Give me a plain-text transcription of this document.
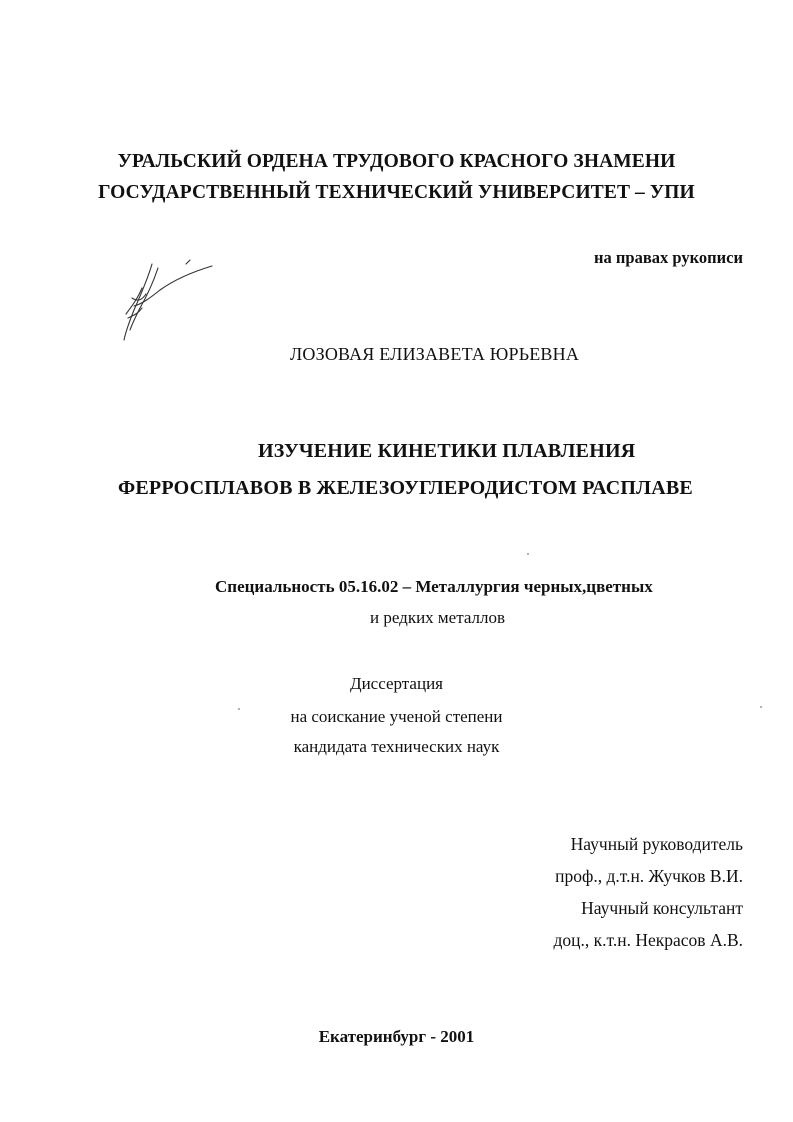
УРАЛЬСКИЙ ОРДЕНА ТРУДОВОГО КРАСНОГО ЗНАМЕНИ
ГОСУДАРСТВЕННЫЙ ТЕХНИЧЕСКИЙ УНИВЕРСИТЕТ – УПИ
на правах рукописи
ЛОЗОВАЯ ЕЛИЗАВЕТА ЮРЬЕВНА
ИЗУЧЕНИЕ КИНЕТИКИ ПЛАВЛЕНИЯ
ФЕРРОСПЛАВОВ В ЖЕЛЕЗОУГЛЕРОДИСТОМ РАСПЛАВЕ
Специальность 05.16.02 – Металлургия черных,цветных
и редких металлов
Диссертация
на соискание ученой степени
кандидата технических наук
Научный руководитель
проф., д.т.н. Жучков В.И.
Научный консультант
доц., к.т.н. Некрасов А.В.
Екатеринбург - 2001
